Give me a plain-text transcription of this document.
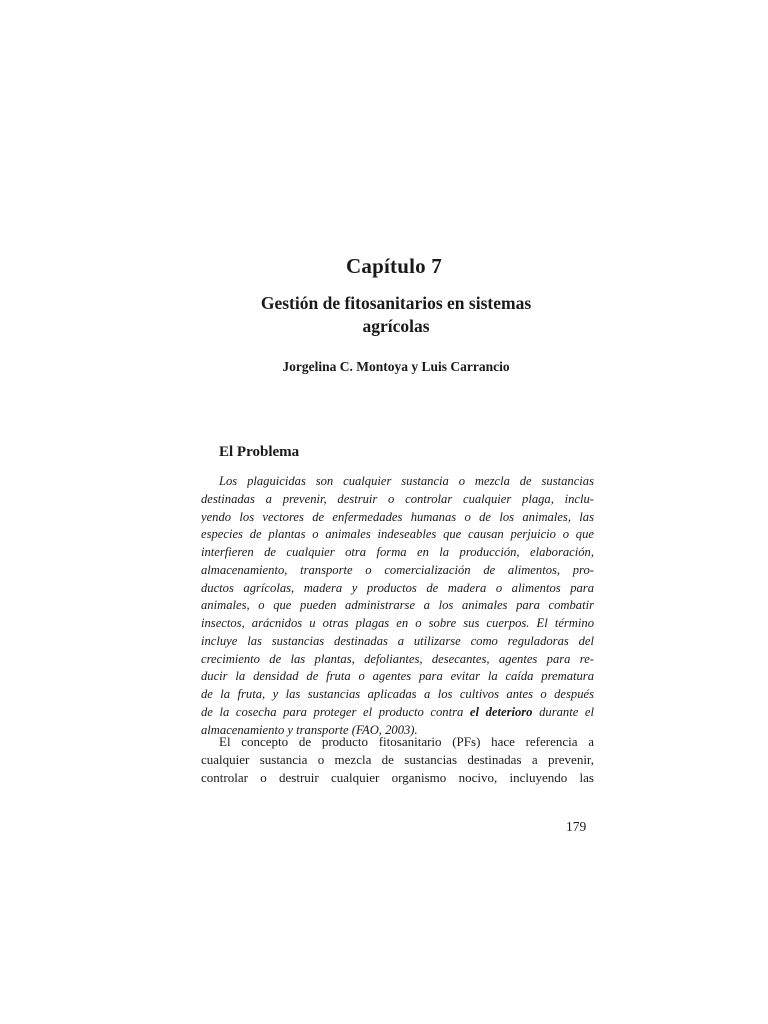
Capítulo 7
Gestión de fitosanitarios en sistemas
agrícolas
Jorgelina C. Montoya y Luis Carrancio
El Problema
Los plaguicidas son cualquier sustancia o mezcla de sustancias
destinadas a prevenir, destruir o controlar cualquier plaga, inclu-
yendo los vectores de enfermedades humanas o de los animales, las
especies de plantas o animales indeseables que causan perjuicio o que
interfieren de cualquier otra forma en la producción, elaboración,
almacenamiento, transporte o comercialización de alimentos, pro-
ductos agrícolas, madera y productos de madera o alimentos para
animales, o que pueden administrarse a los animales para combatir
insectos, arácnidos u otras plagas en o sobre sus cuerpos. El término
incluye las sustancias destinadas a utilizarse como reguladoras del
crecimiento de las plantas, defoliantes, desecantes, agentes para re-
ducir la densidad de fruta o agentes para evitar la caída prematura
de la fruta, y las sustancias aplicadas a los cultivos antes o después
de la cosecha para proteger el producto contra el deterioro durante el
almacenamiento y transporte (FAO, 2003).
El concepto de producto fitosanitario (PFs) hace referencia a
cualquier sustancia o mezcla de sustancias destinadas a prevenir,
controlar o destruir cualquier organismo nocivo, incluyendo las
179
